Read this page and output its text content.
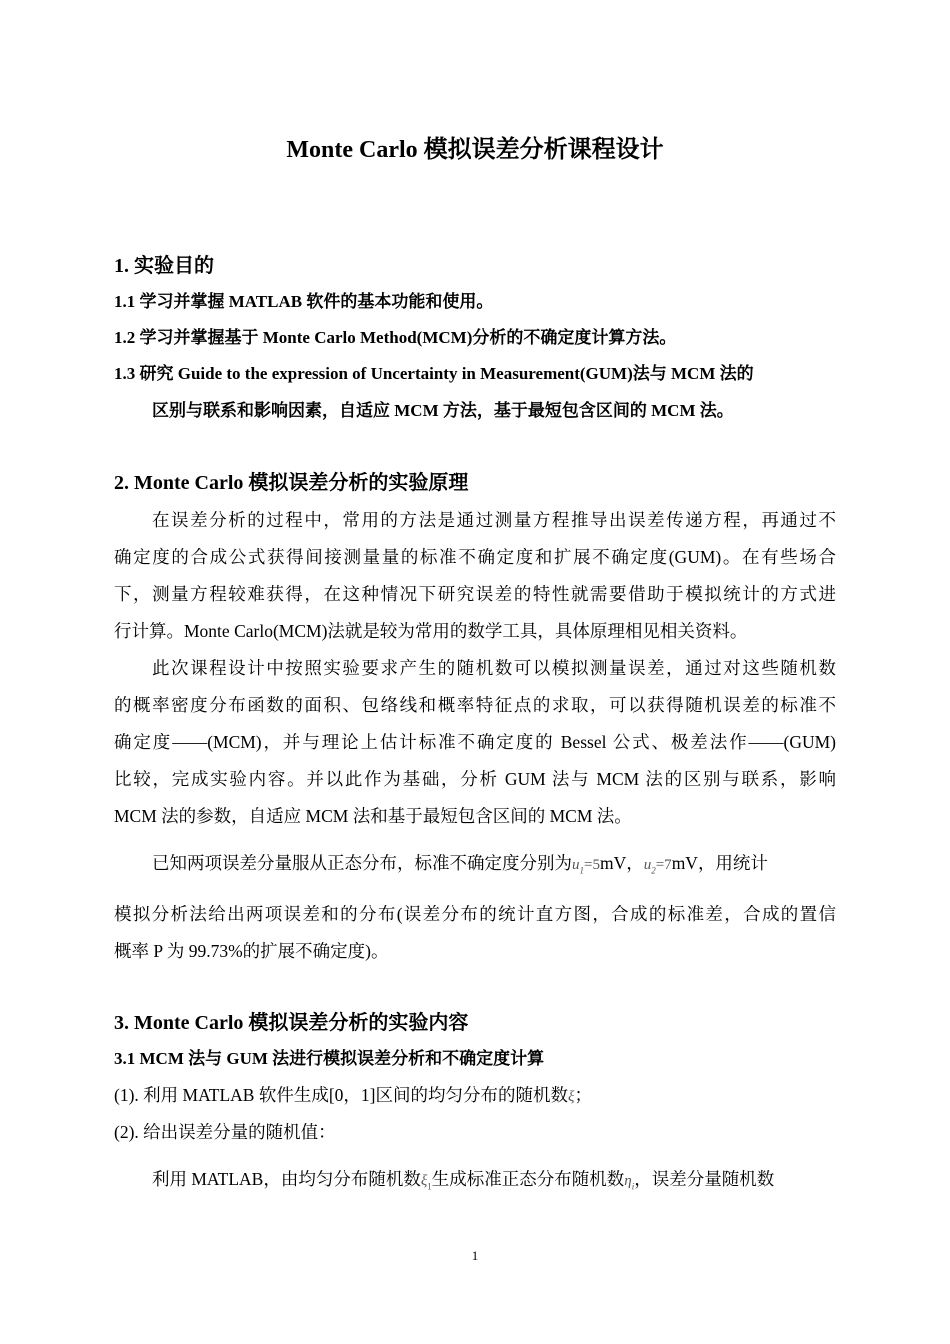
Monte Carlo 模拟误差分析课程设计
1. 实验目的
1.1 学习并掌握 MATLAB 软件的基本功能和使用。
1.2 学习并掌握基于 Monte Carlo Method(MCM)分析的不确定度计算方法。
1.3 研究 Guide to the expression of Uncertainty in Measurement(GUM)法与 MCM 法的
区别与联系和影响因素，自适应 MCM 方法，基于最短包含区间的 MCM 法。
2. Monte Carlo 模拟误差分析的实验原理
在误差分析的过程中，常用的方法是通过测量方程推导出误差传递方程，再通过不
确定度的合成公式获得间接测量量的标准不确定度和扩展不确定度(GUM)。在有些场合
下，测量方程较难获得，在这种情况下研究误差的特性就需要借助于模拟统计的方式进
行计算。Monte Carlo(MCM)法就是较为常用的数学工具，具体原理相见相关资料。
此次课程设计中按照实验要求产生的随机数可以模拟测量误差，通过对这些随机数
的概率密度分布函数的面积、包络线和概率特征点的求取，可以获得随机误差的标准不
确定度——(MCM)，并与理论上估计标准不确定度的 Bessel 公式、极差法作——(GUM)
比较，完成实验内容。并以此作为基础，分析 GUM 法与 MCM 法的区别与联系，影响
MCM 法的参数，自适应 MCM 法和基于最短包含区间的 MCM 法。
已知两项误差分量服从正态分布，标准不确定度分别为$u_1=5mV$，$u_2=7mV$，用统计
模拟分析法给出两项误差和的分布(误差分布的统计直方图，合成的标准差，合成的置信
概率 P 为 99.73%的扩展不确定度)。
3. Monte Carlo 模拟误差分析的实验内容
3.1 MCM 法与 GUM 法进行模拟误差分析和不确定度计算
(1). 利用 MATLAB 软件生成[0，1]区间的均匀分布的随机数ξ；
(2). 给出误差分量的随机值：
利用 MATLAB，由均匀分布随机数$\xi_1$生成标准正态分布随机数$\eta_i$，误差分量随机数
1
